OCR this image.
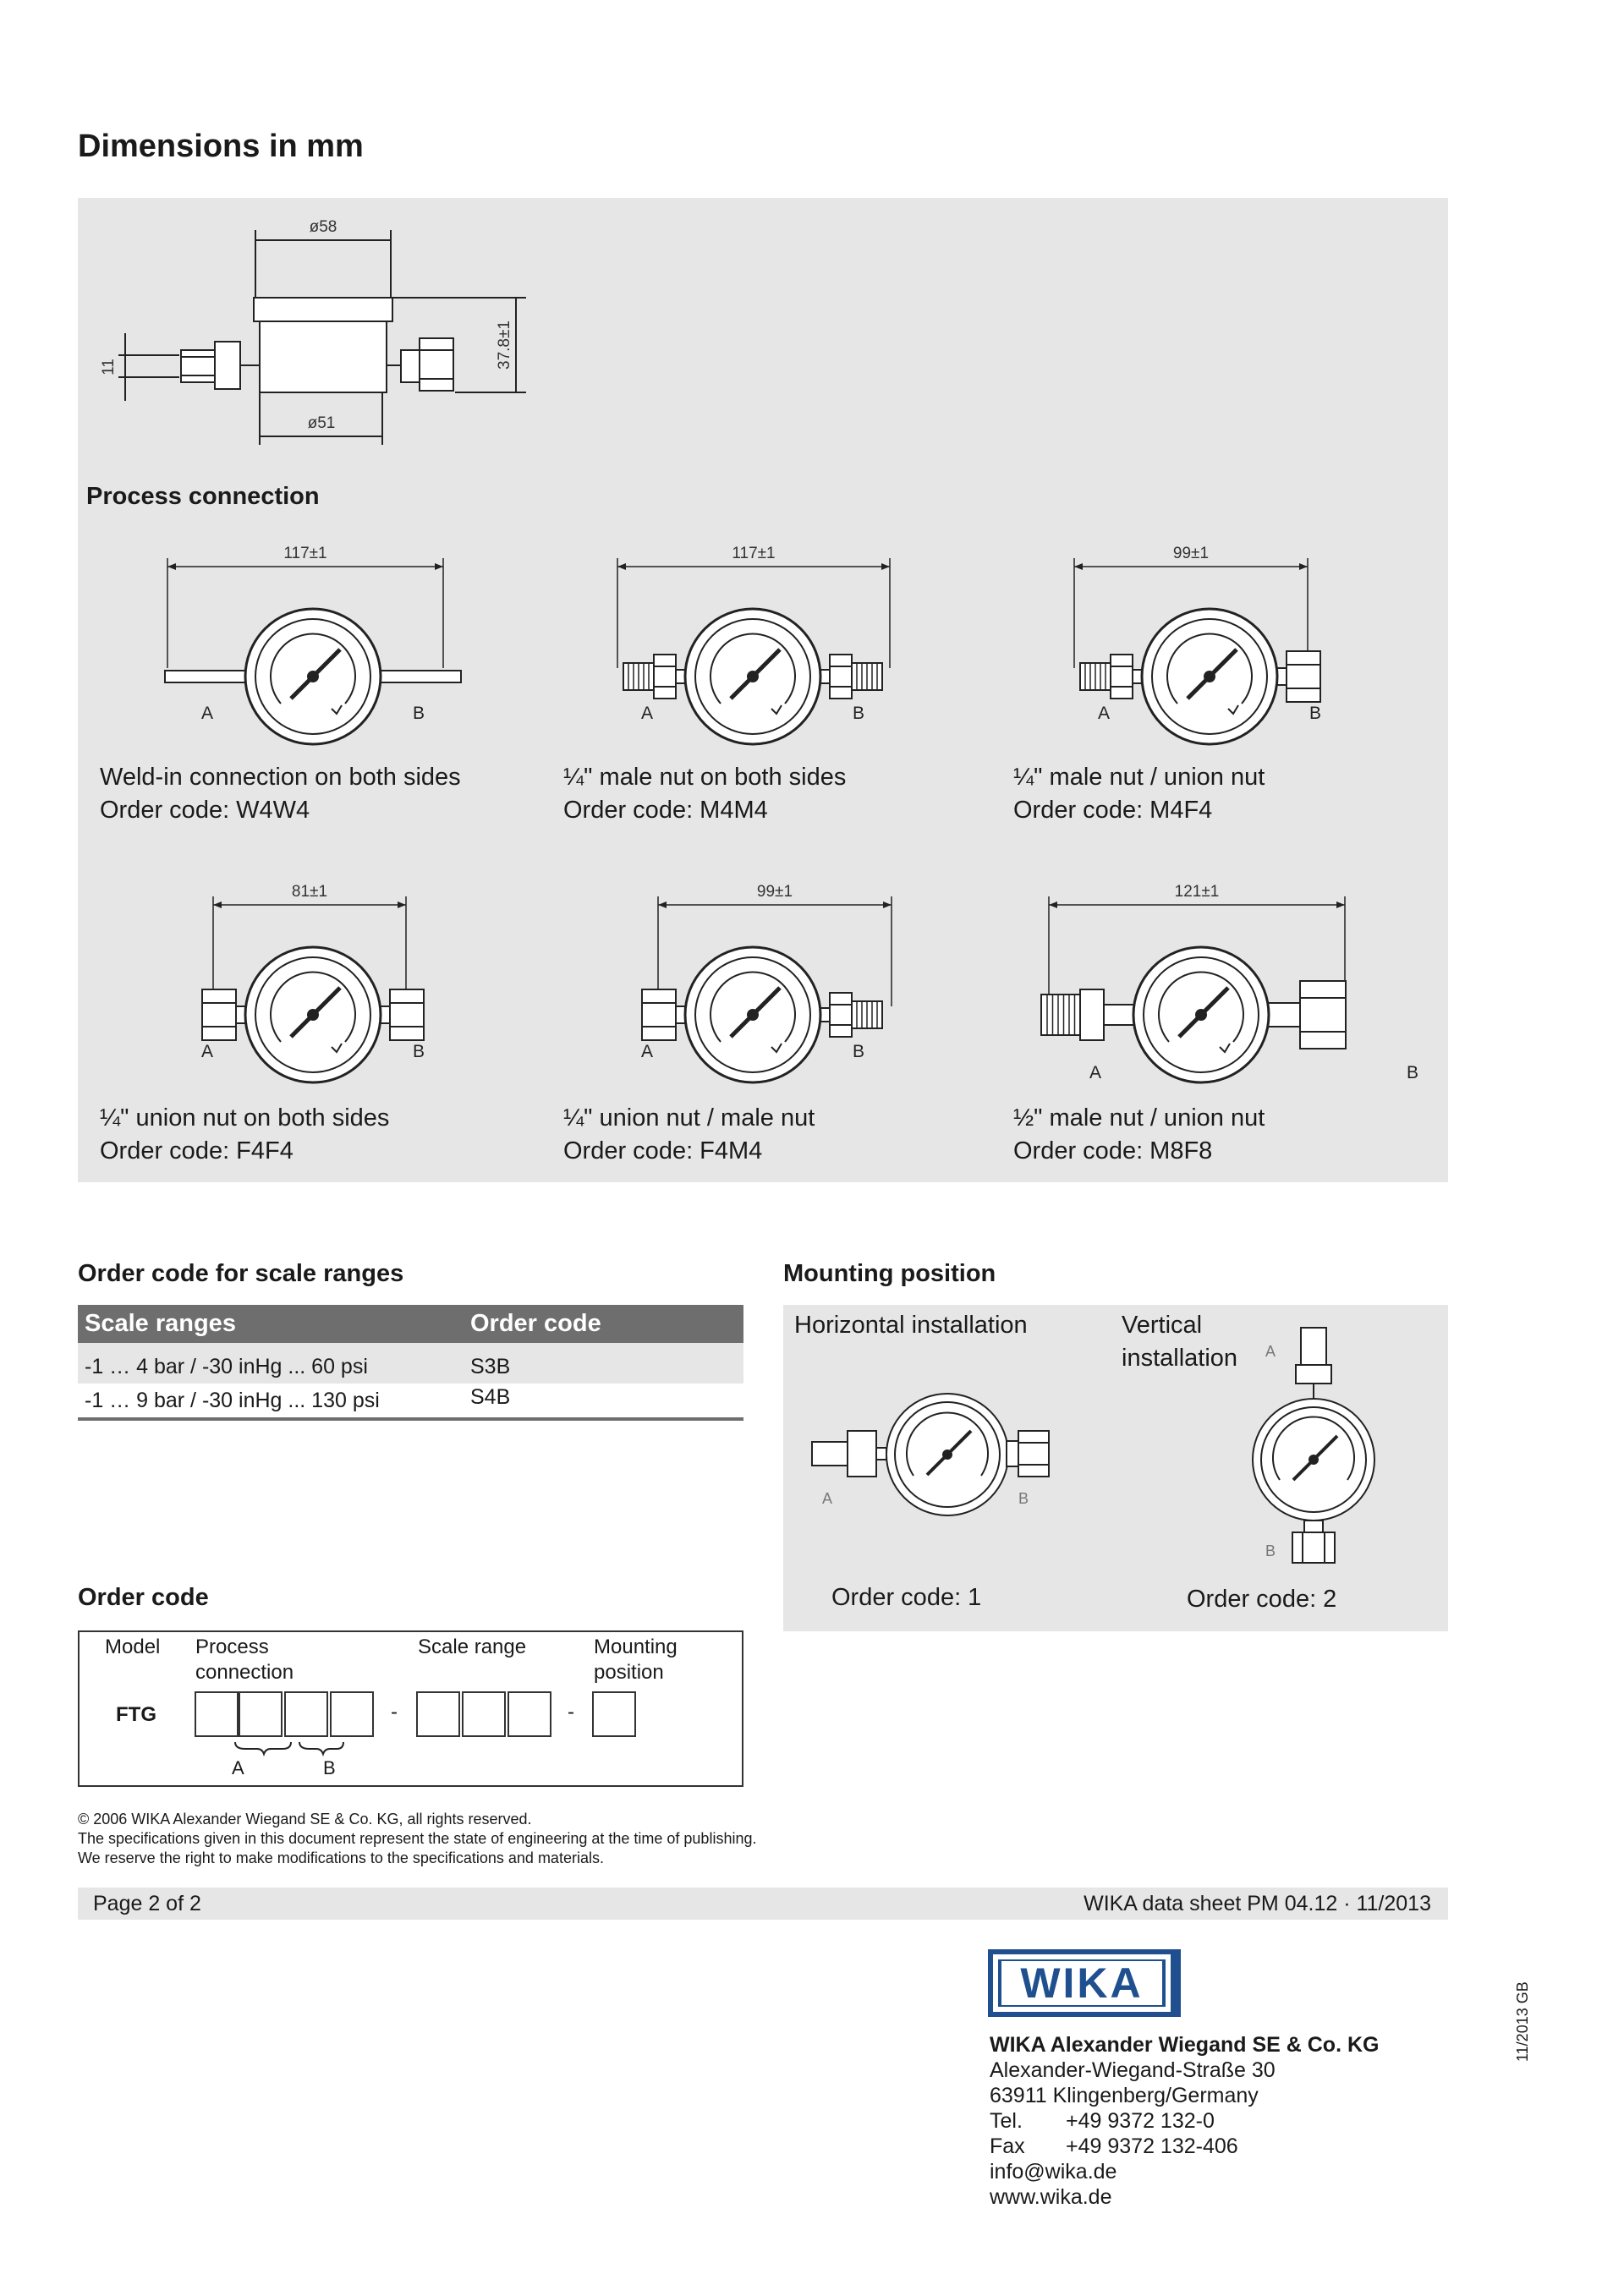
Dimensions in mm
ø58
ø51
37.8±1
11
Process connection
117±1
A	B
117±1
A	B
99±1
A	B
81±1
A	B
99±1
A	B
121±1
A	B
Weld-in connection on both sides
Order code: W4W4
¼" male nut on both sides
Order code: M4M4
¼" male nut / union nut
Order code: M4F4
¼" union nut on both sides
Order code: F4F4
¼" union nut / male nut
Order code: F4M4
½" male nut / union nut
Order code: M8F8
Order code for scale ranges
Scale ranges	Order code
-1 … 4 bar / -30 inHg ... 60 psi	S3B
-1 … 9 bar / -30 inHg ... 130 psi	S4B
Mounting position
Horizontal installation	Vertical
installation
A	B
A
B
Order code: 1	Order code: 2
Order code
Model Process
connection
Scale range	Mounting
position
FTG	-	-
A	B
© 2006 WIKA Alexander Wiegand SE & Co. KG, all rights reserved.
The specifications given in this document represent the state of engineering at the time of publishing.
We reserve the right to make modifications to the specifications and materials.
Page 2 of 2	WIKA data sheet PM 04.12 · 11/2013
11/2013 GB
WIKA
WIKA Alexander Wiegand SE & Co. KG
Alexander-Wiegand-Straße 30
63911 Klingenberg/Germany
Tel. +49 9372 132-0
Fax +49 9372 132-406
info@wika.de
www.wika.de
